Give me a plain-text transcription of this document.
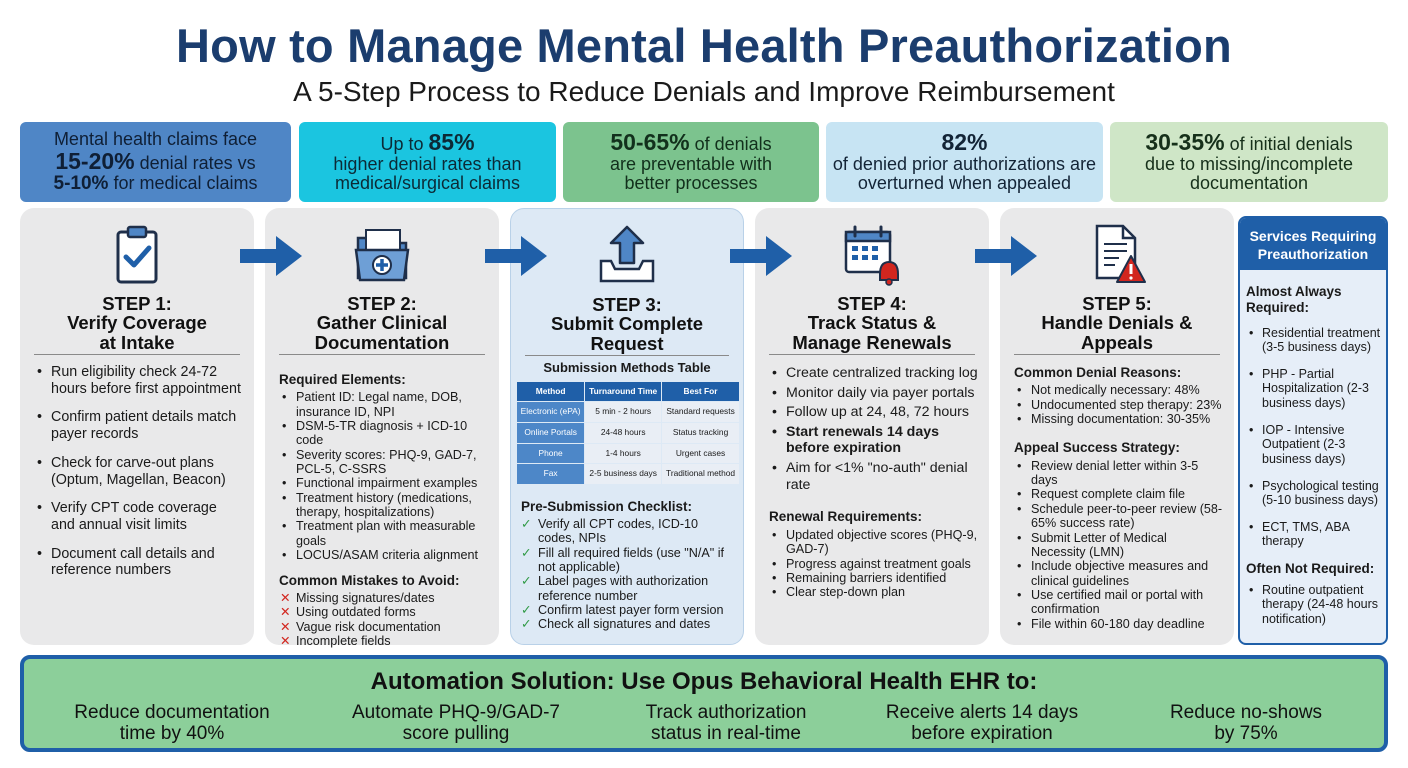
How to Manage Mental Health Preauthorization
A 5-Step Process to Reduce Denials and Improve Reimbursement
Mental health claims face
15-20% denial rates vs
5-10% for medical claims
Up to 85%
higher denial rates than medical/surgical claims
50-65% of denials
are preventable with better processes
82%
of denied prior authorizations are overturned when appealed
30-35% of initial denials
due to missing/incomplete documentation
STEP 1:
Verify Coverage
at Intake
• Run eligibility check 24-72 hours before first appointment
• Confirm patient details match payer records
• Check for carve-out plans (Optum, Magellan, Beacon)
• Verify CPT code coverage and annual visit limits
• Document call details and reference numbers
STEP 2:
Gather Clinical
Documentation
Required Elements:
• Patient ID: Legal name, DOB, insurance ID, NPI
• DSM-5-TR diagnosis + ICD-10 code
• Severity scores: PHQ-9, GAD-7, PCL-5, C-SSRS
• Functional impairment examples
• Treatment history (medications, therapy, hospitalizations)
• Treatment plan with measurable goals
• LOCUS/ASAM criteria alignment
Common Mistakes to Avoid:
✕ Missing signatures/dates
✕ Using outdated forms
✕ Vague risk documentation
✕ Incomplete fields
STEP 3:
Submit Complete
Request
Submission Methods Table
Method	Turnaround Time	Best For
Electronic (ePA)	5 min - 2 hours	Standard requests
Online Portals	24-48 hours	Status tracking
Phone	1-4 hours	Urgent cases
Fax	2-5 business days	Traditional method
Pre-Submission Checklist:
✓ Verify all CPT codes, ICD-10 codes, NPIs
✓ Fill all required fields (use "N/A" if not applicable)
✓ Label pages with authorization reference number
✓ Confirm latest payer form version
✓ Check all signatures and dates
STEP 4:
Track Status &
Manage Renewals
• Create centralized tracking log
• Monitor daily via payer portals
• Follow up at 24, 48, 72 hours
• Start renewals 14 days before expiration
• Aim for <1% "no-auth" denial rate
Renewal Requirements:
• Updated objective scores (PHQ-9, GAD-7)
• Progress against treatment goals
• Remaining barriers identified
• Clear step-down plan
STEP 5:
Handle Denials &
Appeals
Common Denial Reasons:
• Not medically necessary: 48%
• Undocumented step therapy: 23%
• Missing documentation: 30-35%
Appeal Success Strategy:
• Review denial letter within 3-5 days
• Request complete claim file
• Schedule peer-to-peer review (58-65% success rate)
• Submit Letter of Medical Necessity (LMN)
• Include objective measures and clinical guidelines
• Use certified mail or portal with confirmation
• File within 60-180 day deadline
Services Requiring Preauthorization
Almost Always Required:
• Residential treatment (3-5 business days)
• PHP - Partial Hospitalization (2-3 business days)
• IOP - Intensive Outpatient (2-3 business days)
• Psychological testing (5-10 business days)
• ECT, TMS, ABA therapy
Often Not Required:
• Routine outpatient therapy (24-48 hours notification)
Automation Solution: Use Opus Behavioral Health EHR to:
Reduce documentation
time by 40%
Automate PHQ-9/GAD-7
score pulling
Track authorization
status in real-time
Receive alerts 14 days
before expiration
Reduce no-shows
by 75%
